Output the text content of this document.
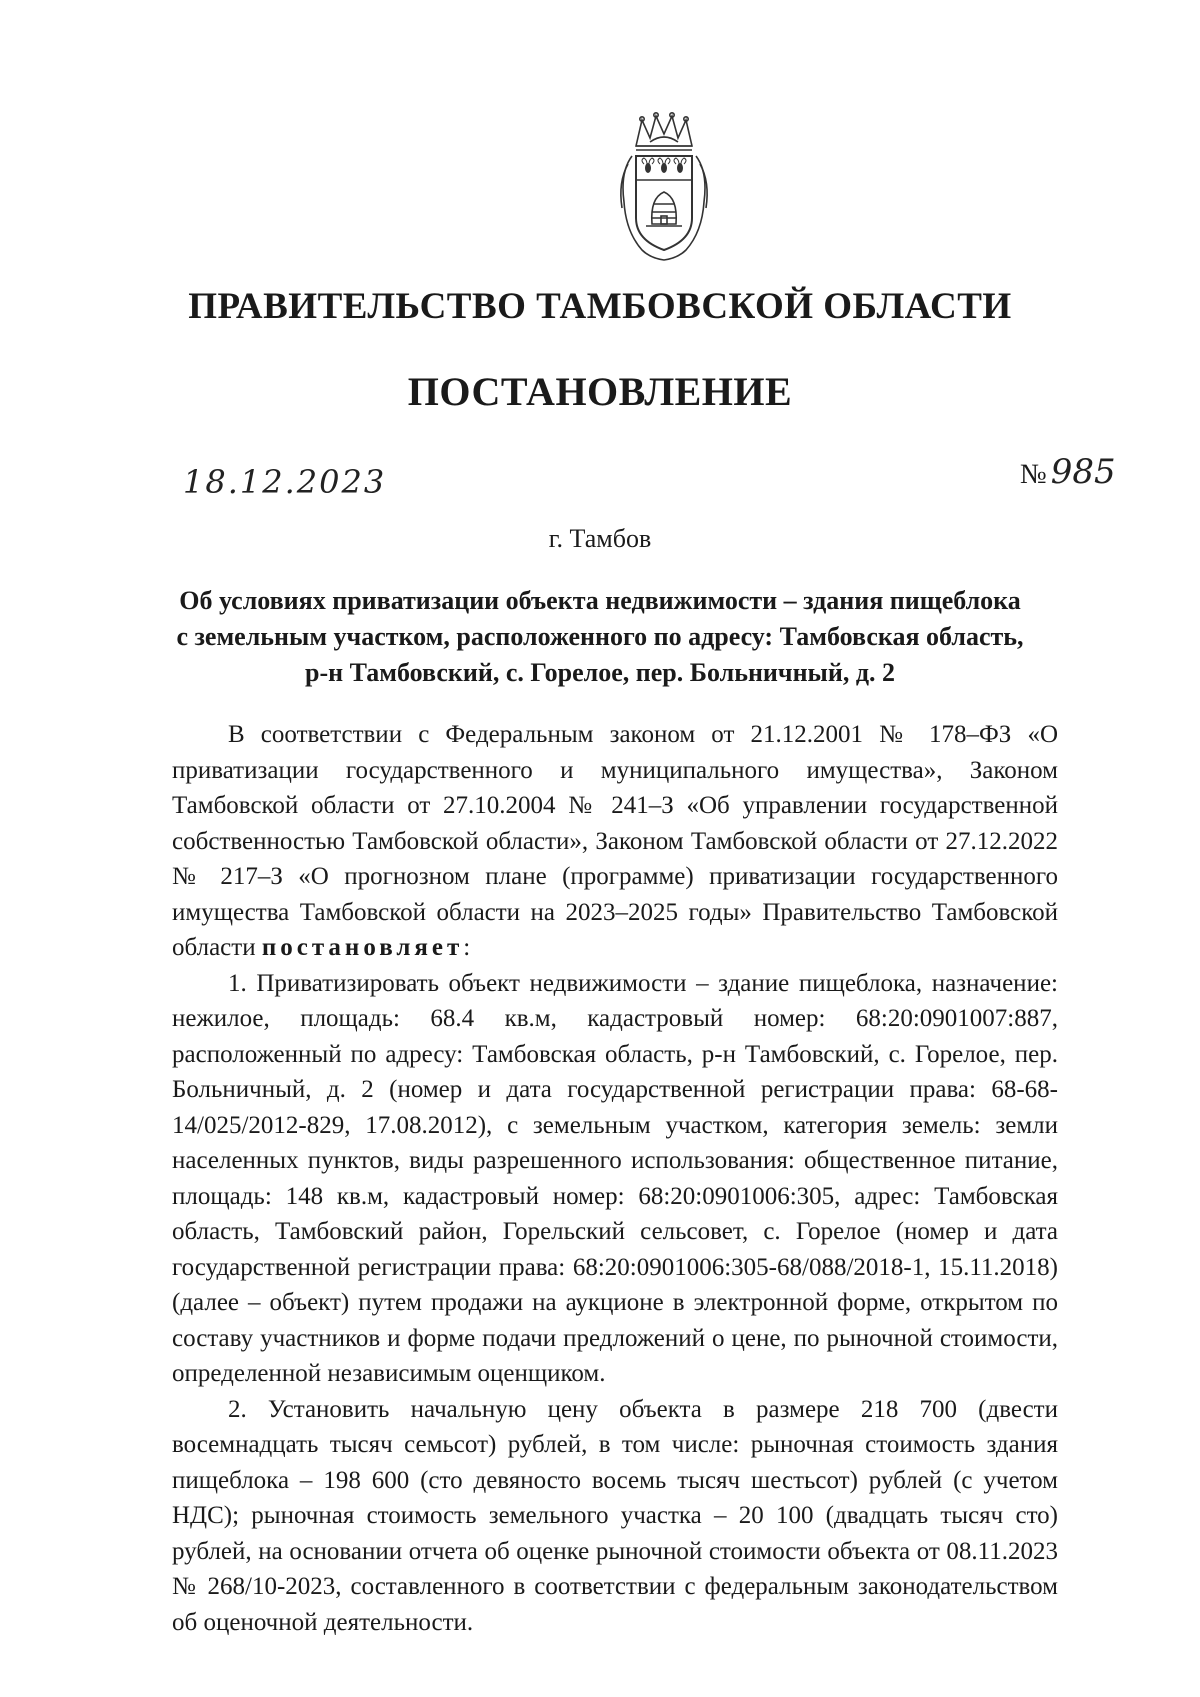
ПРАВИТЕЛЬСТВО ТАМБОВСКОЙ ОБЛАСТИ
ПОСТАНОВЛЕНИЕ
18.12.2023	№ 985
г. Тамбов
Об условиях приватизации объекта недвижимости – здания пищеблока
с земельным участком, расположенного по адресу: Тамбовская область,
р-н Тамбовский, с. Горелое, пер. Больничный, д. 2

В соответствии с Федеральным законом от 21.12.2001 № 178–ФЗ «О приватизации государственного и муниципального имущества», Законом Тамбовской области от 27.10.2004 № 241–З «Об управлении государственной собственностью Тамбовской области», Законом Тамбовской области от 27.12.2022 № 217–З «О прогнозном плане (программе) приватизации государственного имущества Тамбовской области на 2023–2025 годы» Правительство Тамбовской области постановляет:

1. Приватизировать объект недвижимости – здание пищеблока, назначение: нежилое, площадь: 68.4 кв.м, кадастровый номер: 68:20:0901007:887, расположенный по адресу: Тамбовская область, р-н Тамбовский, с. Горелое, пер. Больничный, д. 2 (номер и дата государственной регистрации права: 68-68-14/025/2012-829, 17.08.2012), с земельным участком, категория земель: земли населенных пунктов, виды разрешенного использования: общественное питание, площадь: 148 кв.м, кадастровый номер: 68:20:0901006:305, адрес: Тамбовская область, Тамбовский район, Горельский сельсовет, с. Горелое (номер и дата государственной регистрации права: 68:20:0901006:305-68/088/2018-1, 15.11.2018) (далее – объект) путем продажи на аукционе в электронной форме, открытом по составу участников и форме подачи предложений о цене, по рыночной стоимости, определенной независимым оценщиком.

2. Установить начальную цену объекта в размере 218 700 (двести восемнадцать тысяч семьсот) рублей, в том числе: рыночная стоимость здания пищеблока – 198 600 (сто девяносто восемь тысяч шестьсот) рублей (с учетом НДС); рыночная стоимость земельного участка – 20 100 (двадцать тысяч сто) рублей, на основании отчета об оценке рыночной стоимости объекта от 08.11.2023 № 268/10-2023, составленного в соответствии с федеральным законодательством об оценочной деятельности.
